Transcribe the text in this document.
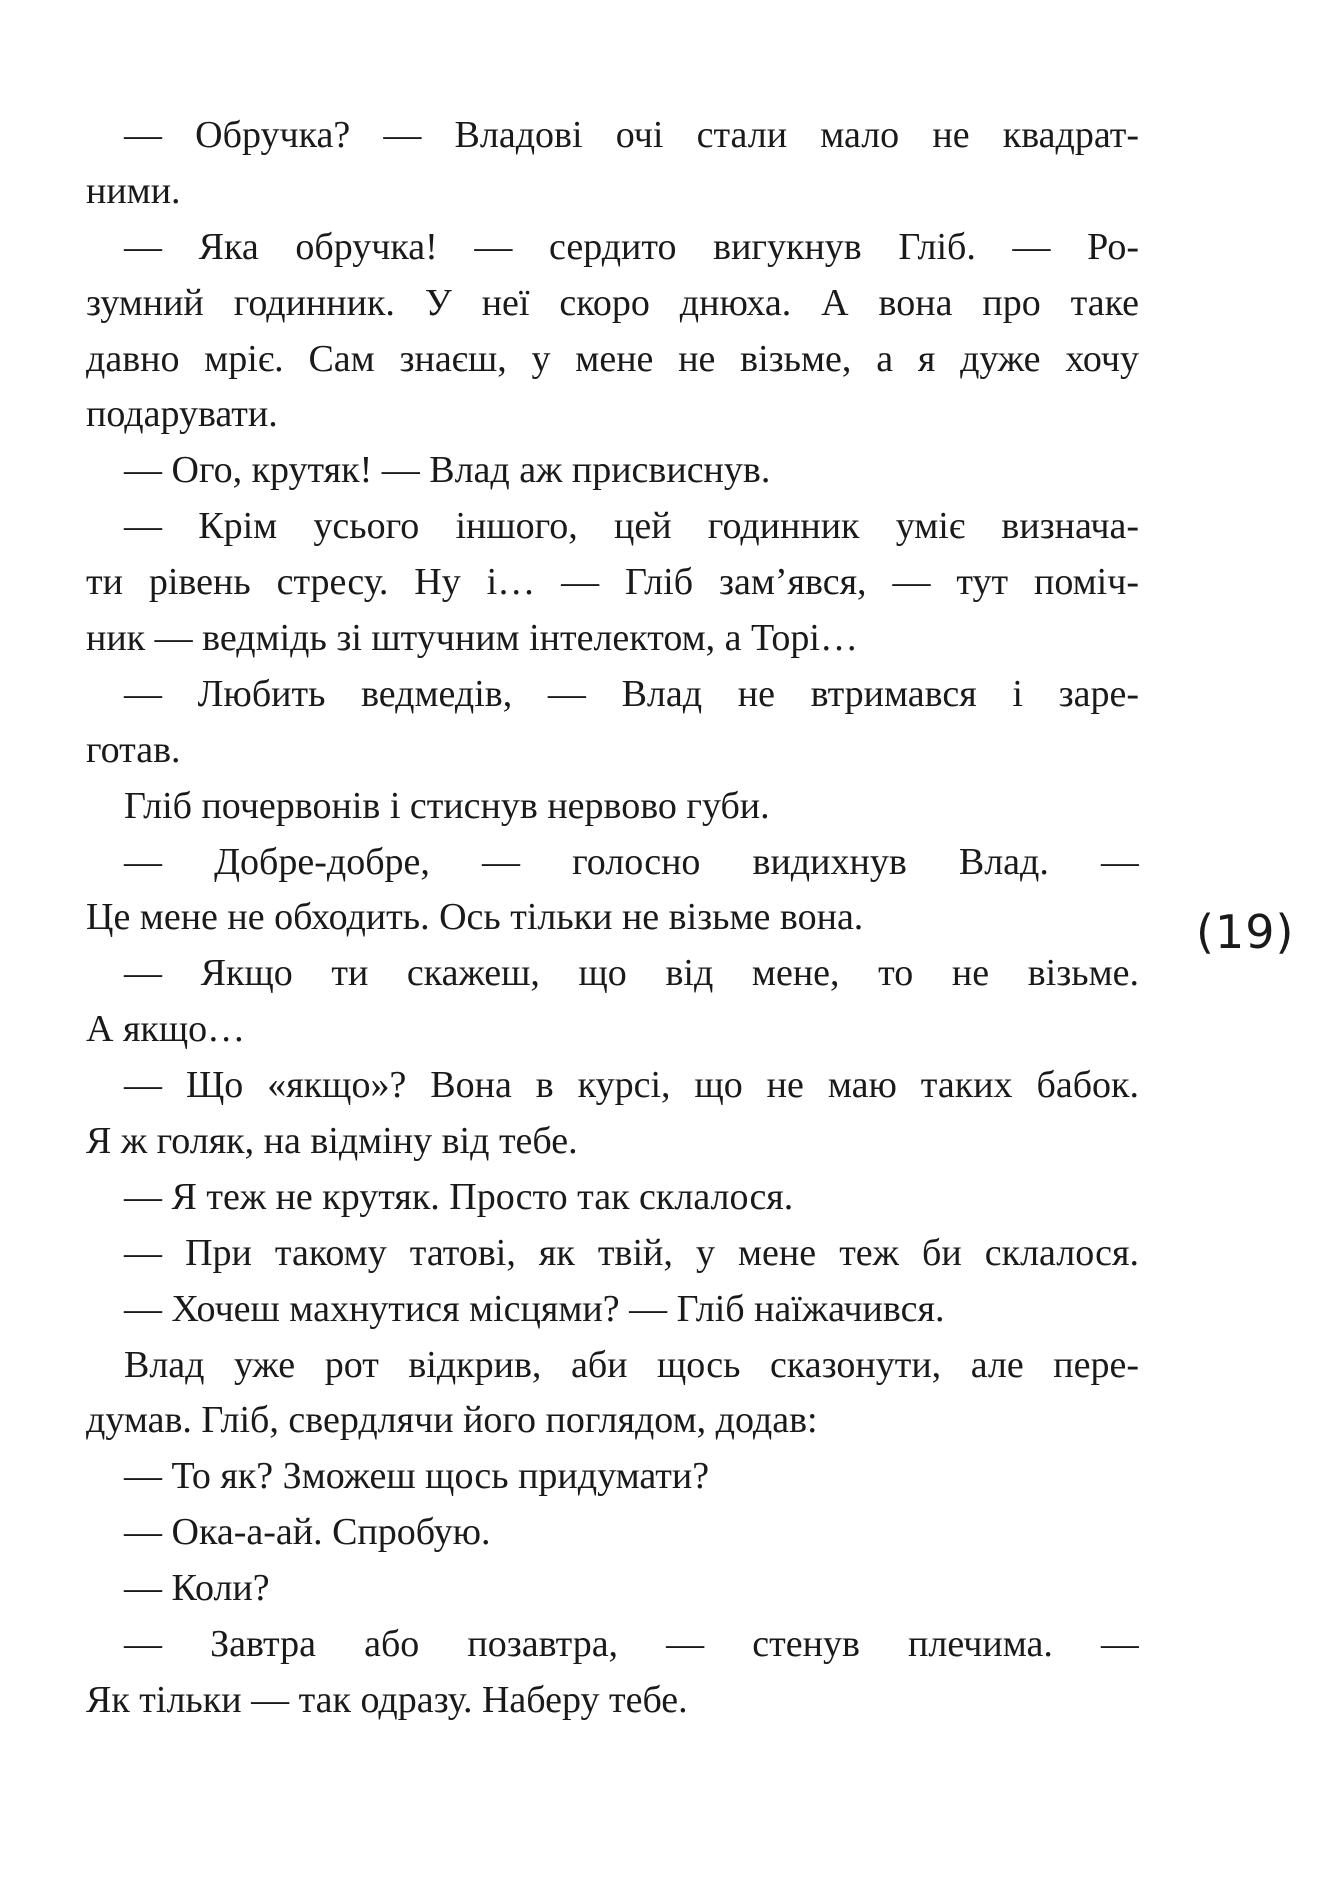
— Обручка? — Владові очі стали мало не квадрат-
ними.
— Яка обручка! — сердито вигукнув Гліб. — Ро-
зумний годинник. У неї скоро днюха. А вона про таке
давно мріє. Сам знаєш, у мене не візьме, а я дуже хочу
подарувати.
— Ого, крутяк! — Влад аж присвиснув.
— Крім усього іншого, цей годинник уміє визнача-
ти рівень стресу. Ну і… — Гліб зам’явся, — тут поміч-
ник — ведмідь зі штучним інтелектом, а Торі…
— Любить ведмедів, — Влад не втримався і заре-
готав.
Гліб почервонів і стиснув нервово губи.
— Добре-добре, — голосно видихнув Влад. —
Це мене не обходить. Ось тільки не візьме вона.
— Якщо ти скажеш, що від мене, то не візьме.
А якщо…
— Що «якщо»? Вона в курсі, що не маю таких бабок.
Я ж голяк, на відміну від тебе.
— Я теж не крутяк. Просто так склалося.
— При такому татові, як твій, у мене теж би склалося.
— Хочеш махнутися місцями? — Гліб наїжачився.
Влад уже рот відкрив, аби щось сказонути, але пере-
думав. Гліб, свердлячи його поглядом, додав:
— То як? Зможеш щось придумати?
— Ока-а-ай. Спробую.
— Коли?
— Завтра або позавтра, — стенув плечима. —
Як тільки — так одразу. Наберу тебе.
(19)
